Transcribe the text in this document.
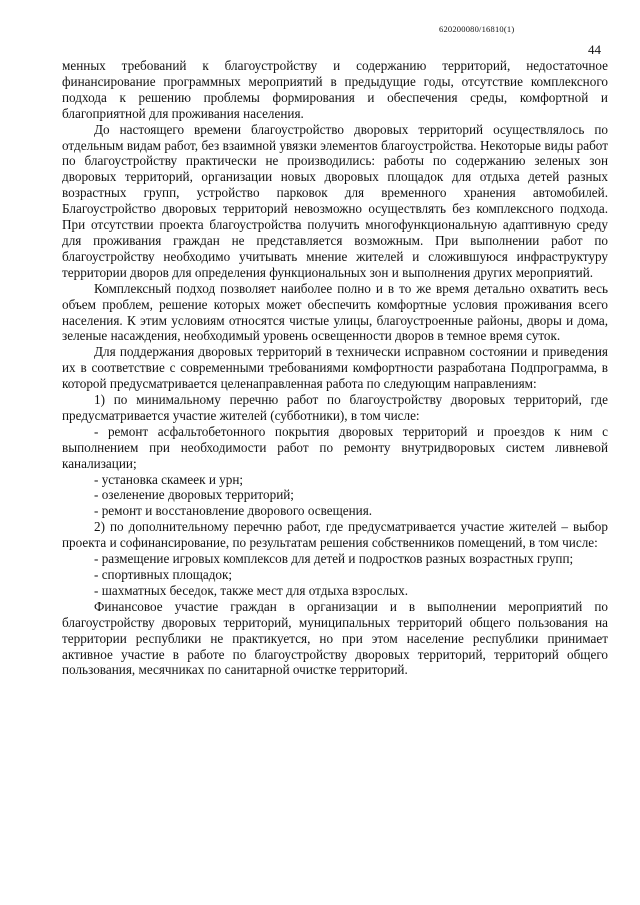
620200080/16810(1)
44

менных требований к благоустройству и содержанию территорий, недостаточное финансирование программных мероприятий в предыдущие годы, отсутствие комплексного подхода к решению проблемы формирования и обеспечения среды, комфортной и благоприятной для проживания населения.

До настоящего времени благоустройство дворовых территорий осуществлялось по отдельным видам работ, без взаимной увязки элементов благоустройства. Некоторые виды работ по благоустройству практически не производились: работы по содержанию зеленых зон дворовых территорий, организации новых дворовых площадок для отдыха детей разных возрастных групп, устройство парковок для временного хранения автомобилей. Благоустройство дворовых территорий невозможно осуществлять без комплексного подхода. При отсутствии проекта благоустройства получить многофункциональную адаптивную среду для проживания граждан не представляется возможным. При выполнении работ по благоустройству необходимо учитывать мнение жителей и сложившуюся инфраструктуру территории дворов для определения функциональных зон и выполнения других мероприятий.

Комплексный подход позволяет наиболее полно и в то же время детально охватить весь объем проблем, решение которых может обеспечить комфортные условия проживания всего населения. К этим условиям относятся чистые улицы, благоустроенные районы, дворы и дома, зеленые насаждения, необходимый уровень освещенности дворов в темное время суток.

Для поддержания дворовых территорий в технически исправном состоянии и приведения их в соответствие с современными требованиями комфортности разработана Подпрограмма, в которой предусматривается целенаправленная работа по следующим направлениям:

1) по минимальному перечню работ по благоустройству дворовых территорий, где предусматривается участие жителей (субботники), в том числе:

- ремонт асфальтобетонного покрытия дворовых территорий и проездов к ним с выполнением при необходимости работ по ремонту внутридворовых систем ливневой канализации;

- установка скамеек и урн;

- озеленение дворовых территорий;

- ремонт и восстановление дворового освещения.

2) по дополнительному перечню работ, где предусматривается участие жителей – выбор проекта и софинансирование, по результатам решения собственников помещений, в том числе:

- размещение игровых комплексов для детей и подростков разных возрастных групп;

- спортивных площадок;

- шахматных беседок, также мест для отдыха взрослых.

Финансовое участие граждан в организации и в выполнении мероприятий по благоустройству дворовых территорий, муниципальных территорий общего пользования на территории республики не практикуется, но при этом население республики принимает активное участие в работе по благоустройству дворовых территорий, территорий общего пользования, месячниках по санитарной очистке территорий.
